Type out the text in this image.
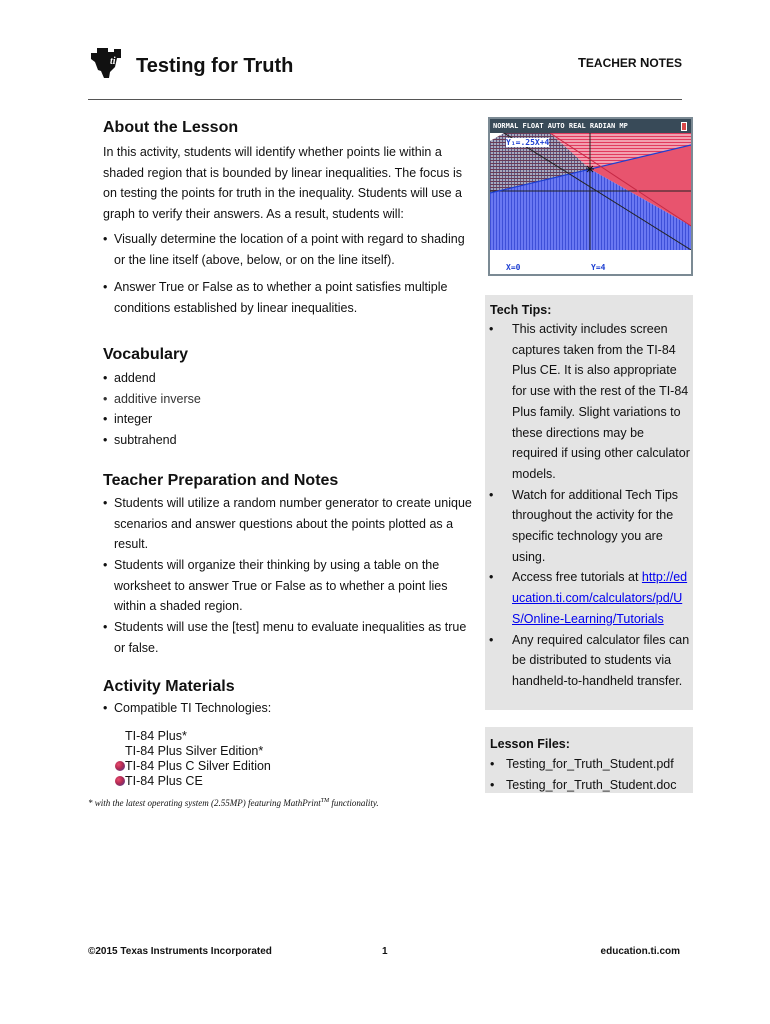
ti Testing for Truth	TEACHER NOTES
About the Lesson

In this activity, students will identify whether points lie within a shaded region that is bounded by linear inequalities. The focus is on testing the points for truth in the inequality. Students will use a graph to verify their answers. As a result, students will:

• Visually determine the location of a point with regard to shading or the line itself (above, below, or on the line itself).
• Answer True or False as to whether a point satisfies multiple conditions established by linear inequalities.
Vocabulary
• addend
• additive inverse
• integer
• subtrahend
Teacher Preparation and Notes
• Students will utilize a random number generator to create unique scenarios and answer questions about the points plotted as a result.
• Students will organize their thinking by using a table on the worksheet to answer True or False as to whether a point lies within a shaded region.
• Students will use the [test] menu to evaluate inequalities as true or false.
Activity Materials
• Compatible TI Technologies:
TI-84 Plus*
TI-84 Plus Silver Edition*
TI-84 Plus C Silver Edition
TI-84 Plus CE
* with the latest operating system (2.55MP) featuring MathPrint™ functionality.
NORMAL FLOAT AUTO REAL RADIAN MP
Y₁=.25X+4
X=0	Y=4
Tech Tips:
• This activity includes screen captures taken from the TI-84 Plus CE. It is also appropriate for use with the rest of the TI-84 Plus family. Slight variations to these directions may be required if using other calculator models.
• Watch for additional Tech Tips throughout the activity for the specific technology you are using.
• Access free tutorials at http://education.ti.com/calculators/pd/US/Online-Learning/Tutorials
• Any required calculator files can be distributed to students via handheld-to-handheld transfer.
Lesson Files:
• Testing_for_Truth_Student.pdf
• Testing_for_Truth_Student.doc
©2015 Texas Instruments Incorporated	1	education.ti.com
